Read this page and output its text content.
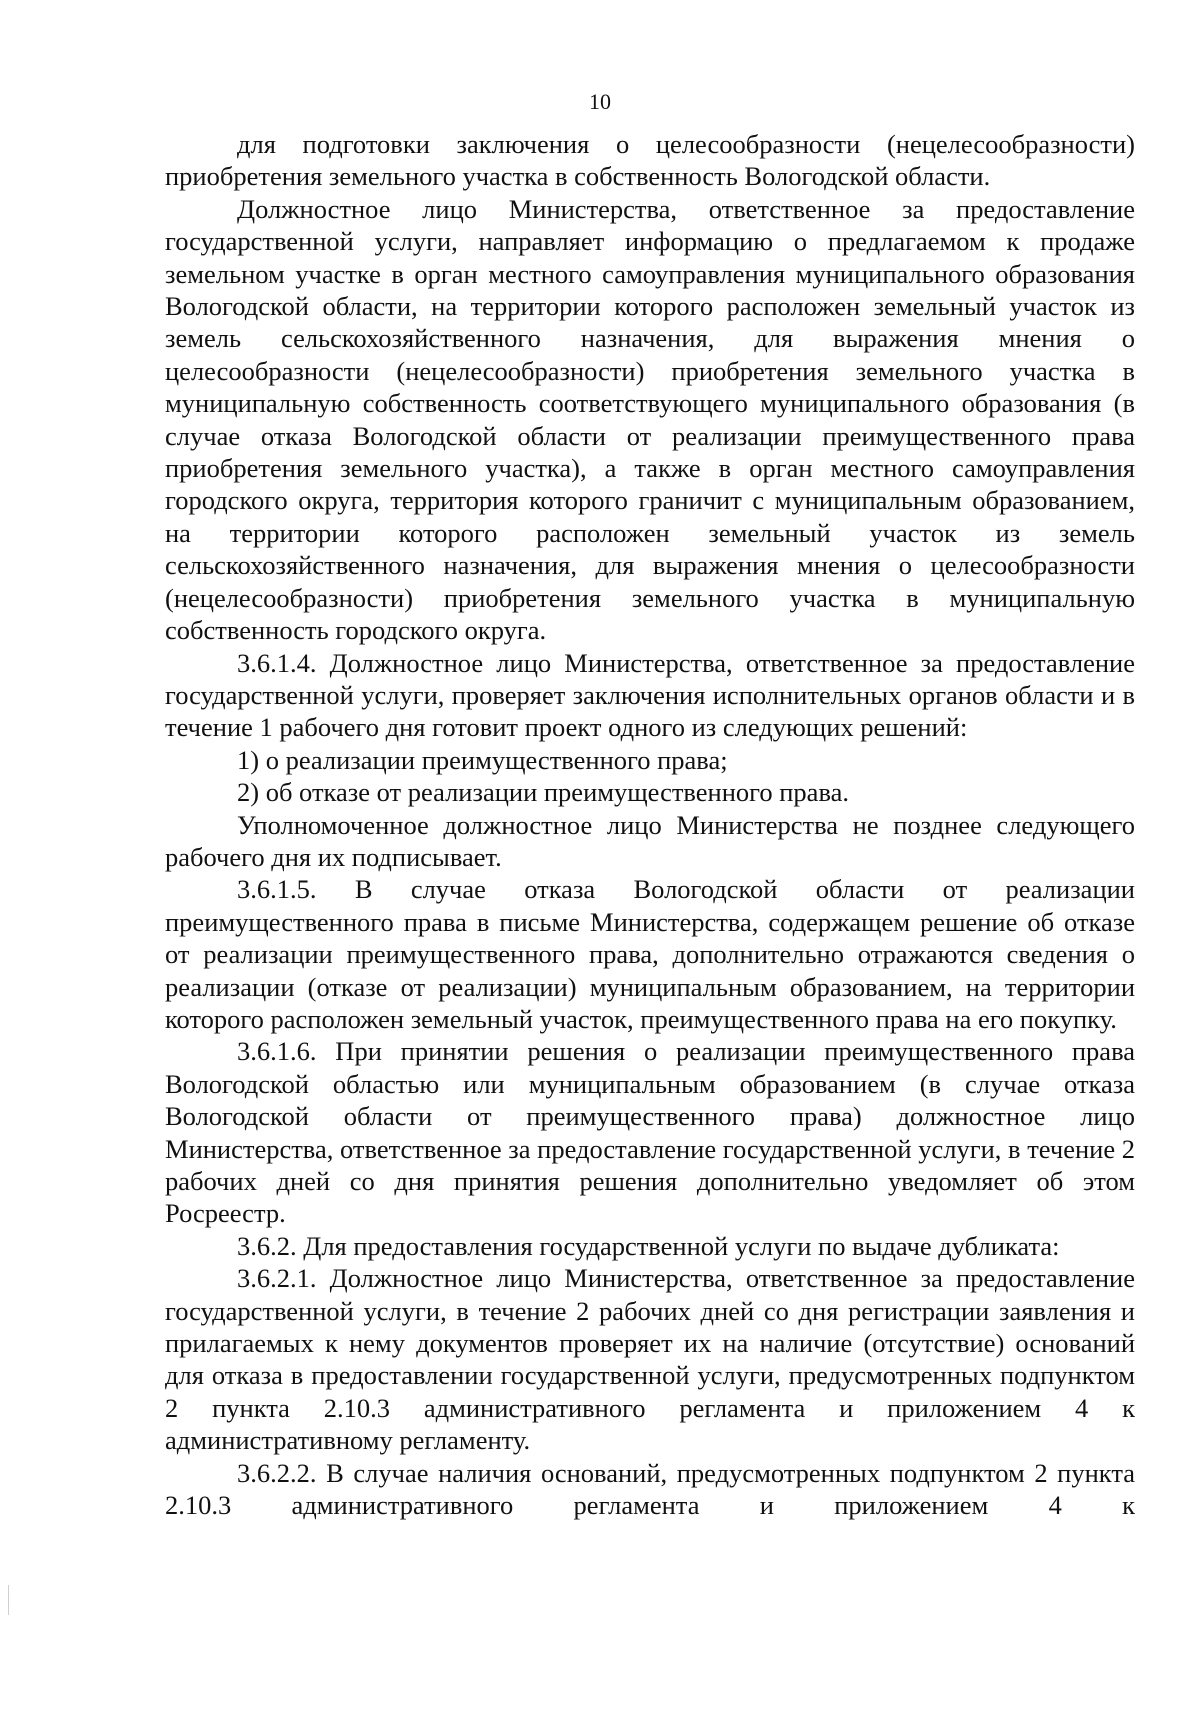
10

для подготовки заключения о целесообразности (нецелесообразности) приобретения земельного участка в собственность Вологодской области.

Должностное лицо Министерства, ответственное за предоставление государственной услуги, направляет информацию о предлагаемом к продаже земельном участке в орган местного самоуправления муниципального образования Вологодской области, на территории которого расположен земельный участок из земель сельскохозяйственного назначения, для выражения мнения о целесообразности (нецелесообразности) приобретения земельного участка в муниципальную собственность соответствующего муниципального образования (в случае отказа Вологодской области от реализации преимущественного права приобретения земельного участка), а также в орган местного самоуправления городского округа, территория которого граничит с муниципальным образованием, на территории которого расположен земельный участок из земель сельскохозяйственного назначения, для выражения мнения о целесообразности (нецелесообразности) приобретения земельного участка в муниципальную собственность городского округа.

3.6.1.4. Должностное лицо Министерства, ответственное за предоставление государственной услуги, проверяет заключения исполнительных органов области и в течение 1 рабочего дня готовит проект одного из следующих решений:

1) о реализации преимущественного права;

2) об отказе от реализации преимущественного права.

Уполномоченное должностное лицо Министерства не позднее следующего рабочего дня их подписывает.

3.6.1.5. В случае отказа Вологодской области от реализации преимущественного права в письме Министерства, содержащем решение об отказе от реализации преимущественного права, дополнительно отражаются сведения о реализации (отказе от реализации) муниципальным образованием, на территории которого расположен земельный участок, преимущественного права на его покупку.

3.6.1.6. При принятии решения о реализации преимущественного права Вологодской областью или муниципальным образованием (в случае отказа Вологодской области от преимущественного права) должностное лицо Министерства, ответственное за предоставление государственной услуги, в течение 2 рабочих дней со дня принятия решения дополнительно уведомляет об этом Росреестр.

3.6.2. Для предоставления государственной услуги по выдаче дубликата:

3.6.2.1. Должностное лицо Министерства, ответственное за предоставление государственной услуги, в течение 2 рабочих дней со дня регистрации заявления и прилагаемых к нему документов проверяет их на наличие (отсутствие) оснований для отказа в предоставлении государственной услуги, предусмотренных подпунктом 2 пункта 2.10.3 административного регламента и приложением 4 к административному регламенту.

3.6.2.2. В случае наличия оснований, предусмотренных подпунктом 2 пункта 2.10.3 административного регламента и приложением 4 к
